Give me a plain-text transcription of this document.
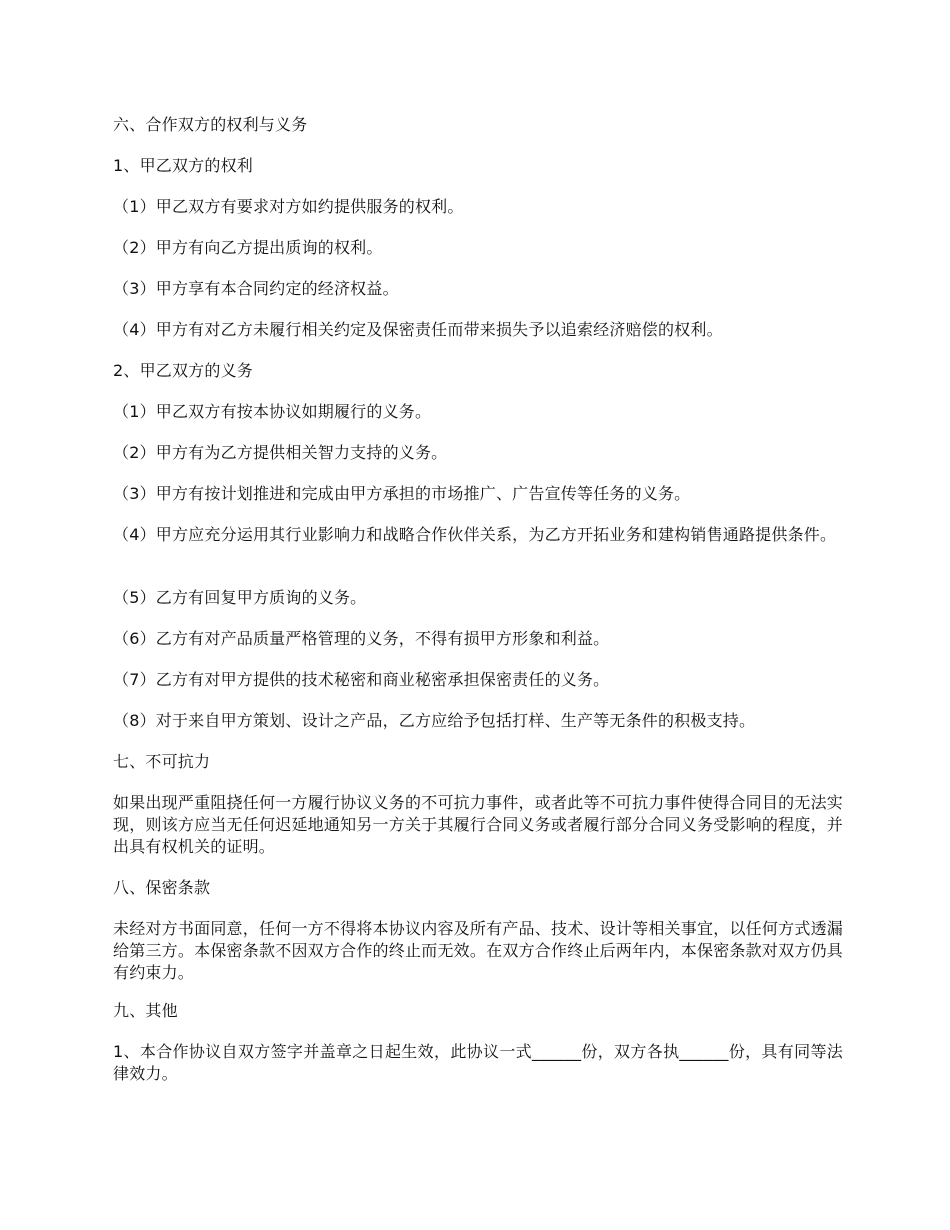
六、合作双方的权利与义务
1、甲乙双方的权利
（1）甲乙双方有要求对方如约提供服务的权利。
（2）甲方有向乙方提出质询的权利。
（3）甲方享有本合同约定的经济权益。
（4）甲方有对乙方未履行相关约定及保密责任而带来损失予以追索经济赔偿的权利。
2、甲乙双方的义务
（1）甲乙双方有按本协议如期履行的义务。
（2）甲方有为乙方提供相关智力支持的义务。
（3）甲方有按计划推进和完成由甲方承担的市场推广、广告宣传等任务的义务。
（4）甲方应充分运用其行业影响力和战略合作伙伴关系，为乙方开拓业务和建构销售通路提供条件。
（5）乙方有回复甲方质询的义务。
（6）乙方有对产品质量严格管理的义务，不得有损甲方形象和利益。
（7）乙方有对甲方提供的技术秘密和商业秘密承担保密责任的义务。
（8）对于来自甲方策划、设计之产品，乙方应给予包括打样、生产等无条件的积极支持。
七、不可抗力
如果出现严重阻挠任何一方履行协议义务的不可抗力事件，或者此等不可抗力事件使得合同目的无法实现，则该方应当无任何迟延地通知另一方关于其履行合同义务或者履行部分合同义务受影响的程度，并出具有权机关的证明。
八、保密条款
未经对方书面同意，任何一方不得将本协议内容及所有产品、技术、设计等相关事宜，以任何方式透漏给第三方。本保密条款不因双方合作的终止而无效。在双方合作终止后两年内，本保密条款对双方仍具有约束力。
九、其他
1、本合作协议自双方签字并盖章之日起生效，此协议一式______份，双方各执______份，具有同等法律效力。
